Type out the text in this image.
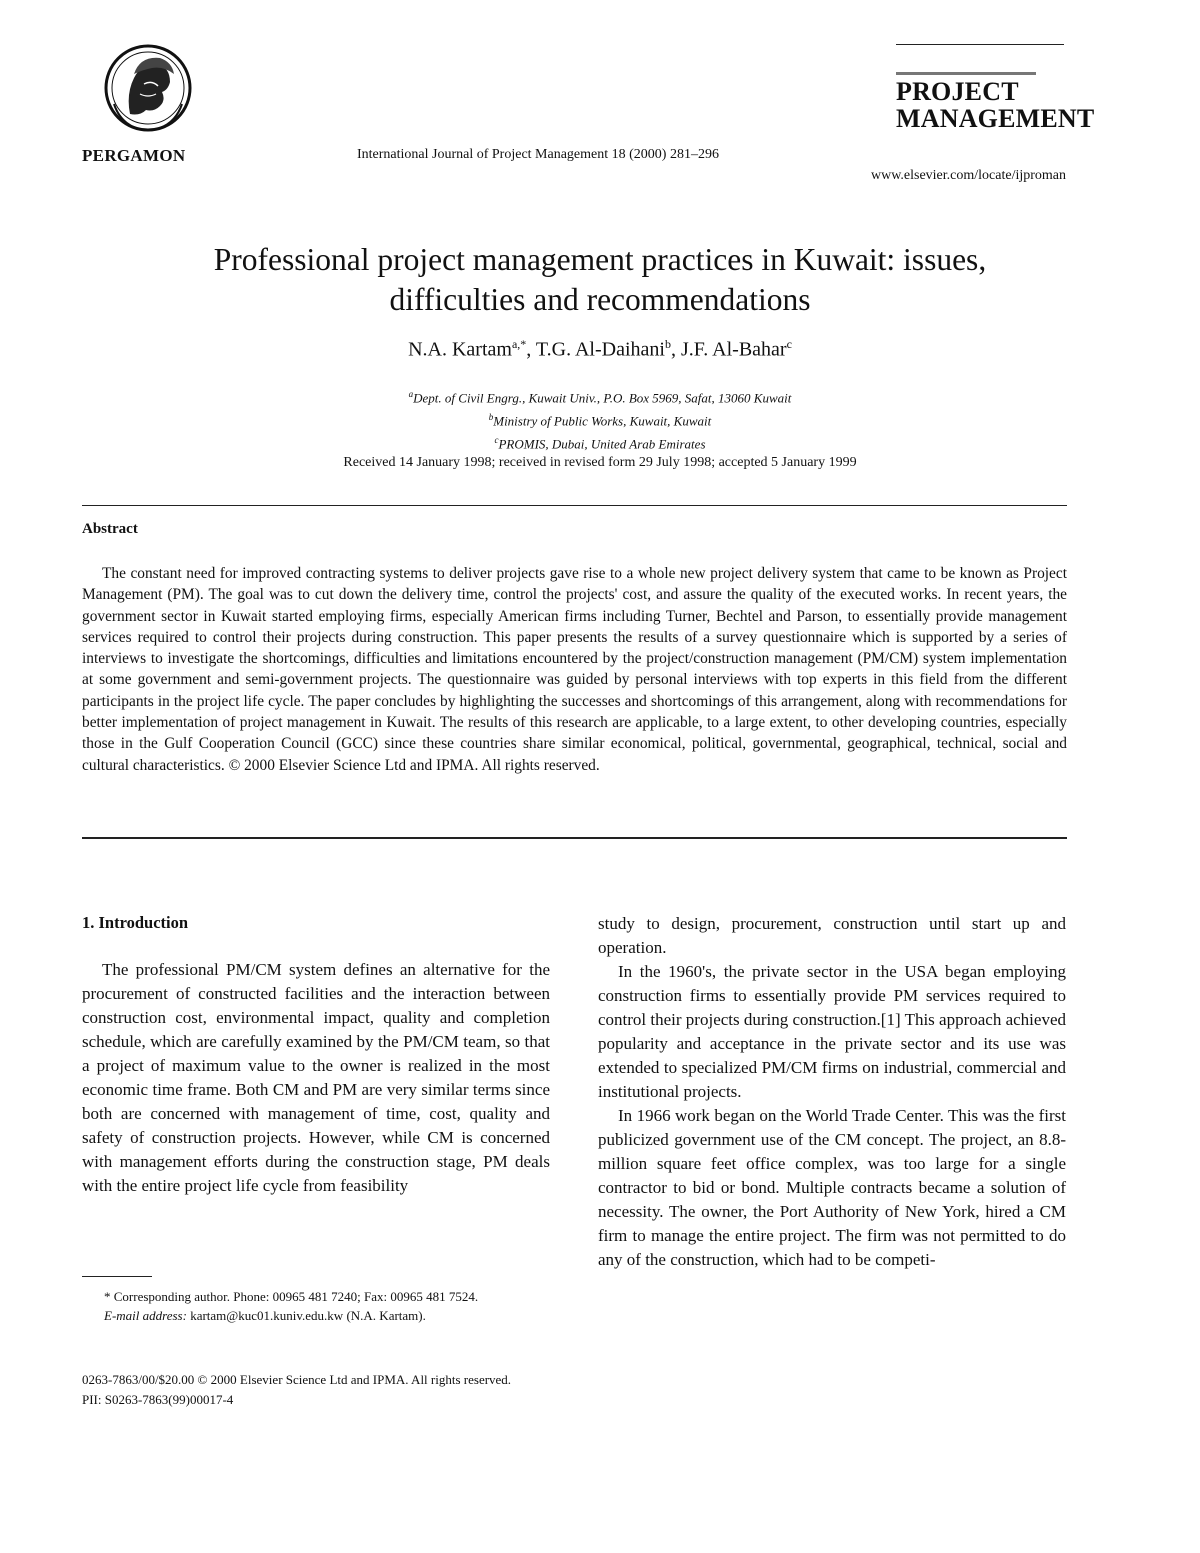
PERGAMON	International Journal of Project Management 18 (2000) 281–296
PROJECT
MANAGEMENT
www.elsevier.com/locate/ijproman
Professional project management practices in Kuwait: issues,
difficulties and recommendations
N.A. Kartam$^{a,*}$, T.G. Al-Daihani$^b$, J.F. Al-Bahar$^c$
$^a$Dept. of Civil Engrg., Kuwait Univ., P.O. Box 5969, Safat, 13060 Kuwait
$^b$Ministry of Public Works, Kuwait, Kuwait
$^c$PROMIS, Dubai, United Arab Emirates
Received 14 January 1998; received in revised form 29 July 1998; accepted 5 January 1999
Abstract

The constant need for improved contracting systems to deliver projects gave rise to a whole new project delivery system that came to be known as Project Management (PM). The goal was to cut down the delivery time, control the projects' cost, and assure the quality of the executed works. In recent years, the government sector in Kuwait started employing firms, especially American firms including Turner, Bechtel and Parson, to essentially provide management services required to control their projects during construction. This paper presents the results of a survey questionnaire which is supported by a series of interviews to investigate the shortcomings, difficulties and limitations encountered by the project/construction management (PM/CM) system implementation at some government and semi-government projects. The questionnaire was guided by personal interviews with top experts in this field from the different participants in the project life cycle. The paper concludes by highlighting the successes and shortcomings of this arrangement, along with recommendations for better implementation of project management in Kuwait. The results of this research are applicable, to a large extent, to other developing countries, especially those in the Gulf Cooperation Council (GCC) since these countries share similar economical, political, governmental, geographical, technical, social and cultural characteristics. © 2000 Elsevier Science Ltd and IPMA. All rights reserved.

1. Introduction

The professional PM/CM system defines an alternative for the procurement of constructed facilities and the interaction between construction cost, environmental impact, quality and completion schedule, which are carefully examined by the PM/CM team, so that a project of maximum value to the owner is realized in the most economic time frame. Both CM and PM are very similar terms since both are concerned with management of time, cost, quality and safety of construction projects. However, while CM is concerned with management efforts during the construction stage, PM deals with the entire project life cycle from feasibility

study to design, procurement, construction until start up and operation.

In the 1960's, the private sector in the USA began employing construction firms to essentially provide PM services required to control their projects during construction.[1] This approach achieved popularity and acceptance in the private sector and its use was extended to specialized PM/CM firms on industrial, commercial and institutional projects.

In 1966 work began on the World Trade Center. This was the first publicized government use of the CM concept. The project, an 8.8-million square feet office complex, was too large for a single contractor to bid or bond. Multiple contracts became a solution of necessity. The owner, the Port Authority of New York, hired a CM firm to manage the entire project. The firm was not permitted to do any of the construction, which had to be competi-

* Corresponding author. Phone: 00965 481 7240; Fax: 00965 481 7524.

E-mail address: kartam@kuc01.kuniv.edu.kw (N.A. Kartam).

0263-7863/00/$20.00 © 2000 Elsevier Science Ltd and IPMA. All rights reserved.
PII: S0263-7863(99)00017-4
